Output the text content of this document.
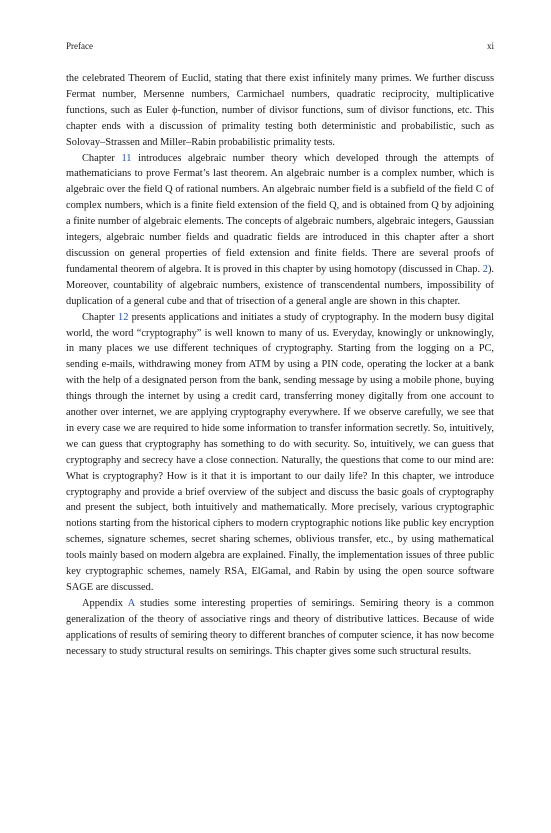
Preface	xi

the celebrated Theorem of Euclid, stating that there exist infinitely many primes. We further discuss Fermat number, Mersenne numbers, Carmichael numbers, quadratic reciprocity, multiplicative functions, such as Euler ϕ-function, number of divisor functions, sum of divisor functions, etc. This chapter ends with a discussion of primality testing both deterministic and probabilistic, such as Solovay–Strassen and Miller–Rabin probabilistic primality tests.

Chapter 11 introduces algebraic number theory which developed through the attempts of mathematicians to prove Fermat’s last theorem. An algebraic number is a complex number, which is algebraic over the field Q of rational numbers. An algebraic number field is a subfield of the field C of complex numbers, which is a finite field extension of the field Q, and is obtained from Q by adjoining a finite number of algebraic elements. The concepts of algebraic numbers, algebraic integers, Gaussian integers, algebraic number fields and quadratic fields are introduced in this chapter after a short discussion on general properties of field extension and finite fields. There are several proofs of fundamental theorem of algebra. It is proved in this chapter by using homotopy (discussed in Chap. 2). Moreover, countability of algebraic numbers, existence of transcendental numbers, impossibility of duplication of a general cube and that of trisection of a general angle are shown in this chapter.

Chapter 12 presents applications and initiates a study of cryptography. In the modern busy digital world, the word “cryptography” is well known to many of us. Everyday, knowingly or unknowingly, in many places we use different techniques of cryptography. Starting from the logging on a PC, sending e-mails, withdrawing money from ATM by using a PIN code, operating the locker at a bank with the help of a designated person from the bank, sending message by using a mobile phone, buying things through the internet by using a credit card, transferring money digitally from one account to another over internet, we are applying cryptography everywhere. If we observe carefully, we see that in every case we are required to hide some information to transfer information secretly. So, intuitively, we can guess that cryptography has something to do with security. So, intuitively, we can guess that cryptography and secrecy have a close connection. Naturally, the questions that come to our mind are: What is cryptography? How is it that it is important to our daily life? In this chapter, we introduce cryptography and provide a brief overview of the subject and discuss the basic goals of cryptography and present the subject, both intuitively and mathematically. More precisely, various cryptographic notions starting from the historical ciphers to modern cryptographic notions like public key encryption schemes, signature schemes, secret sharing schemes, oblivious transfer, etc., by using mathematical tools mainly based on modern algebra are explained. Finally, the implementation issues of three public key cryptographic schemes, namely RSA, ElGamal, and Rabin by using the open source software SAGE are discussed.

Appendix A studies some interesting properties of semirings. Semiring theory is a common generalization of the theory of associative rings and theory of distributive lattices. Because of wide applications of results of semiring theory to different branches of computer science, it has now become necessary to study structural results on semirings. This chapter gives some such structural results.
